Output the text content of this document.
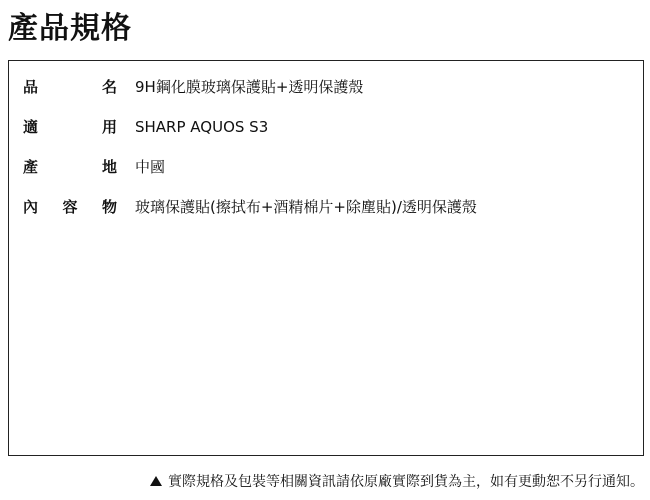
產品規格
品	名 9H鋼化膜玻璃保護貼+透明保護殼
適	用 SHARP AQUOS S3
產	地 中國
內 容 物 玻璃保護貼(擦拭布+酒精棉片+除塵貼)/透明保護殼
實際規格及包裝等相關資訊請依原廠實際到貨為主，如有更動恕不另行通知。
